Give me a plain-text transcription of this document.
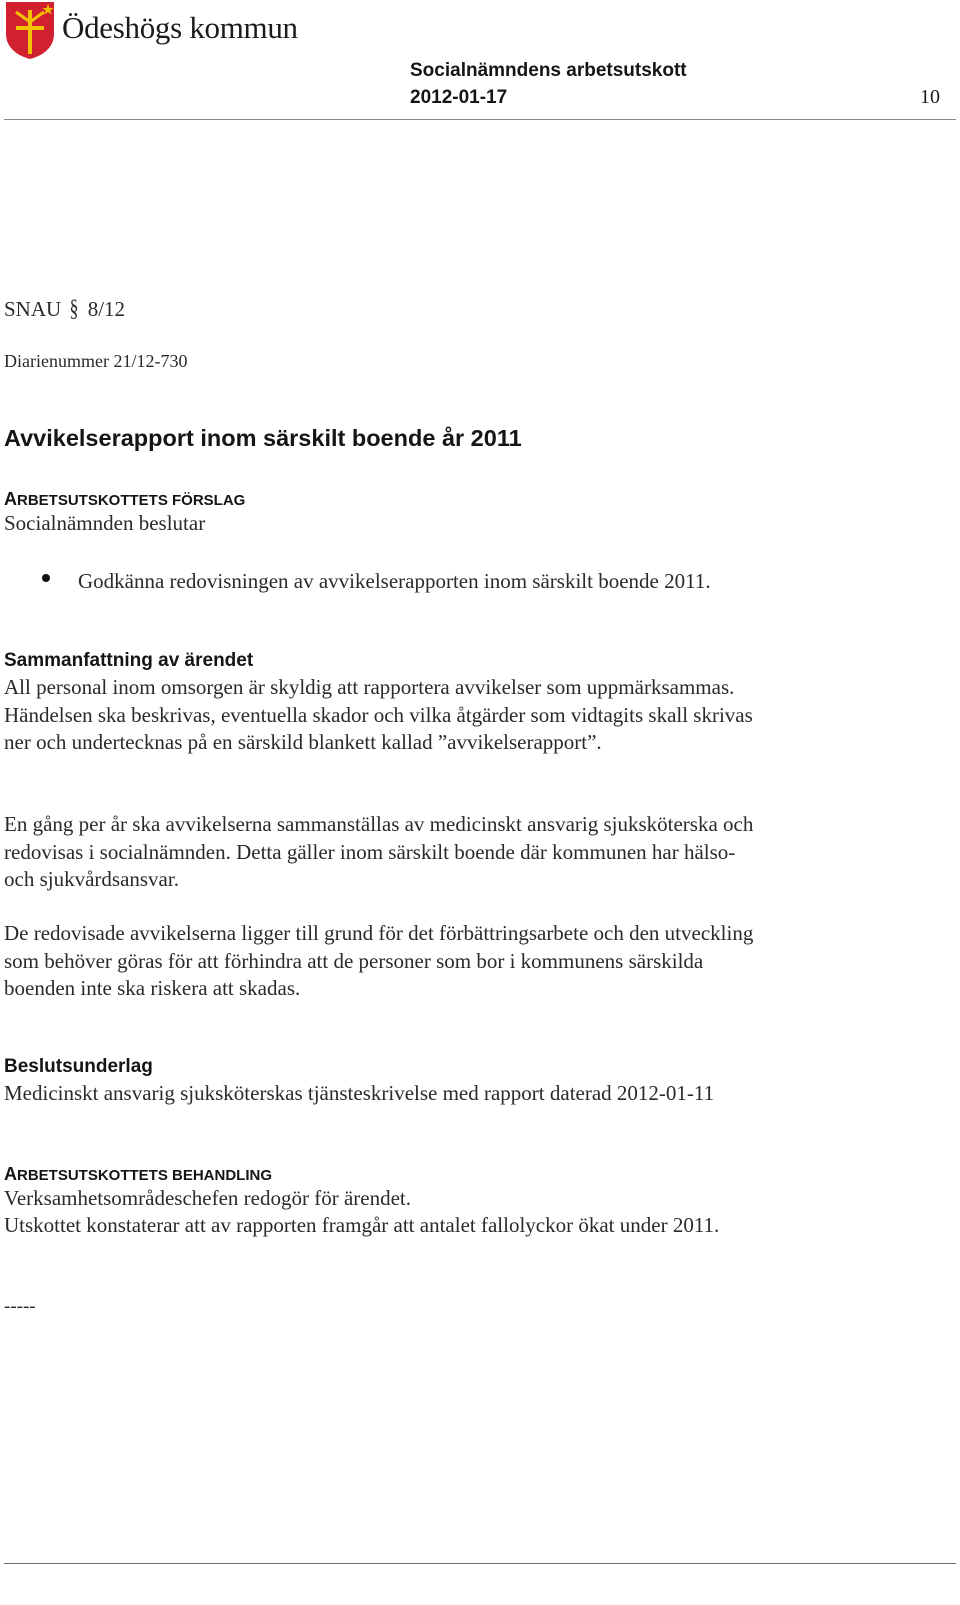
Ödeshögs kommun
Socialnämndens arbetsutskott
2012-01-17	10
SNAU § 8/12
Diarienummer 21/12-730
Avvikelserapport inom särskilt boende år 2011
ARBETSUTSKOTTETS FÖRSLAG
Socialnämnden beslutar
Godkänna redovisningen av avvikelserapporten inom särskilt boende 2011.
Sammanfattning av ärendet
All personal inom omsorgen är skyldig att rapportera avvikelser som uppmärksammas. Händelsen ska beskrivas, eventuella skador och vilka åtgärder som vidtagits skall skrivas ner och undertecknas på en särskild blankett kallad ”avvikelserapport”.
En gång per år ska avvikelserna sammanställas av medicinskt ansvarig sjuksköterska och redovisas i socialnämnden. Detta gäller inom särskilt boende där kommunen har hälso- och sjukvårdsansvar.
De redovisade avvikelserna ligger till grund för det förbättringsarbete och den utveckling som behöver göras för att förhindra att de personer som bor i kommunens särskilda boenden inte ska riskera att skadas.
Beslutsunderlag
Medicinskt ansvarig sjuksköterskas tjänsteskrivelse med rapport daterad 2012-01-11
ARBETSUTSKOTTETS BEHANDLING
Verksamhetsområdeschefen redogör för ärendet.
Utskottet konstaterar att av rapporten framgår att antalet fallolyckor ökat under 2011.
-----
